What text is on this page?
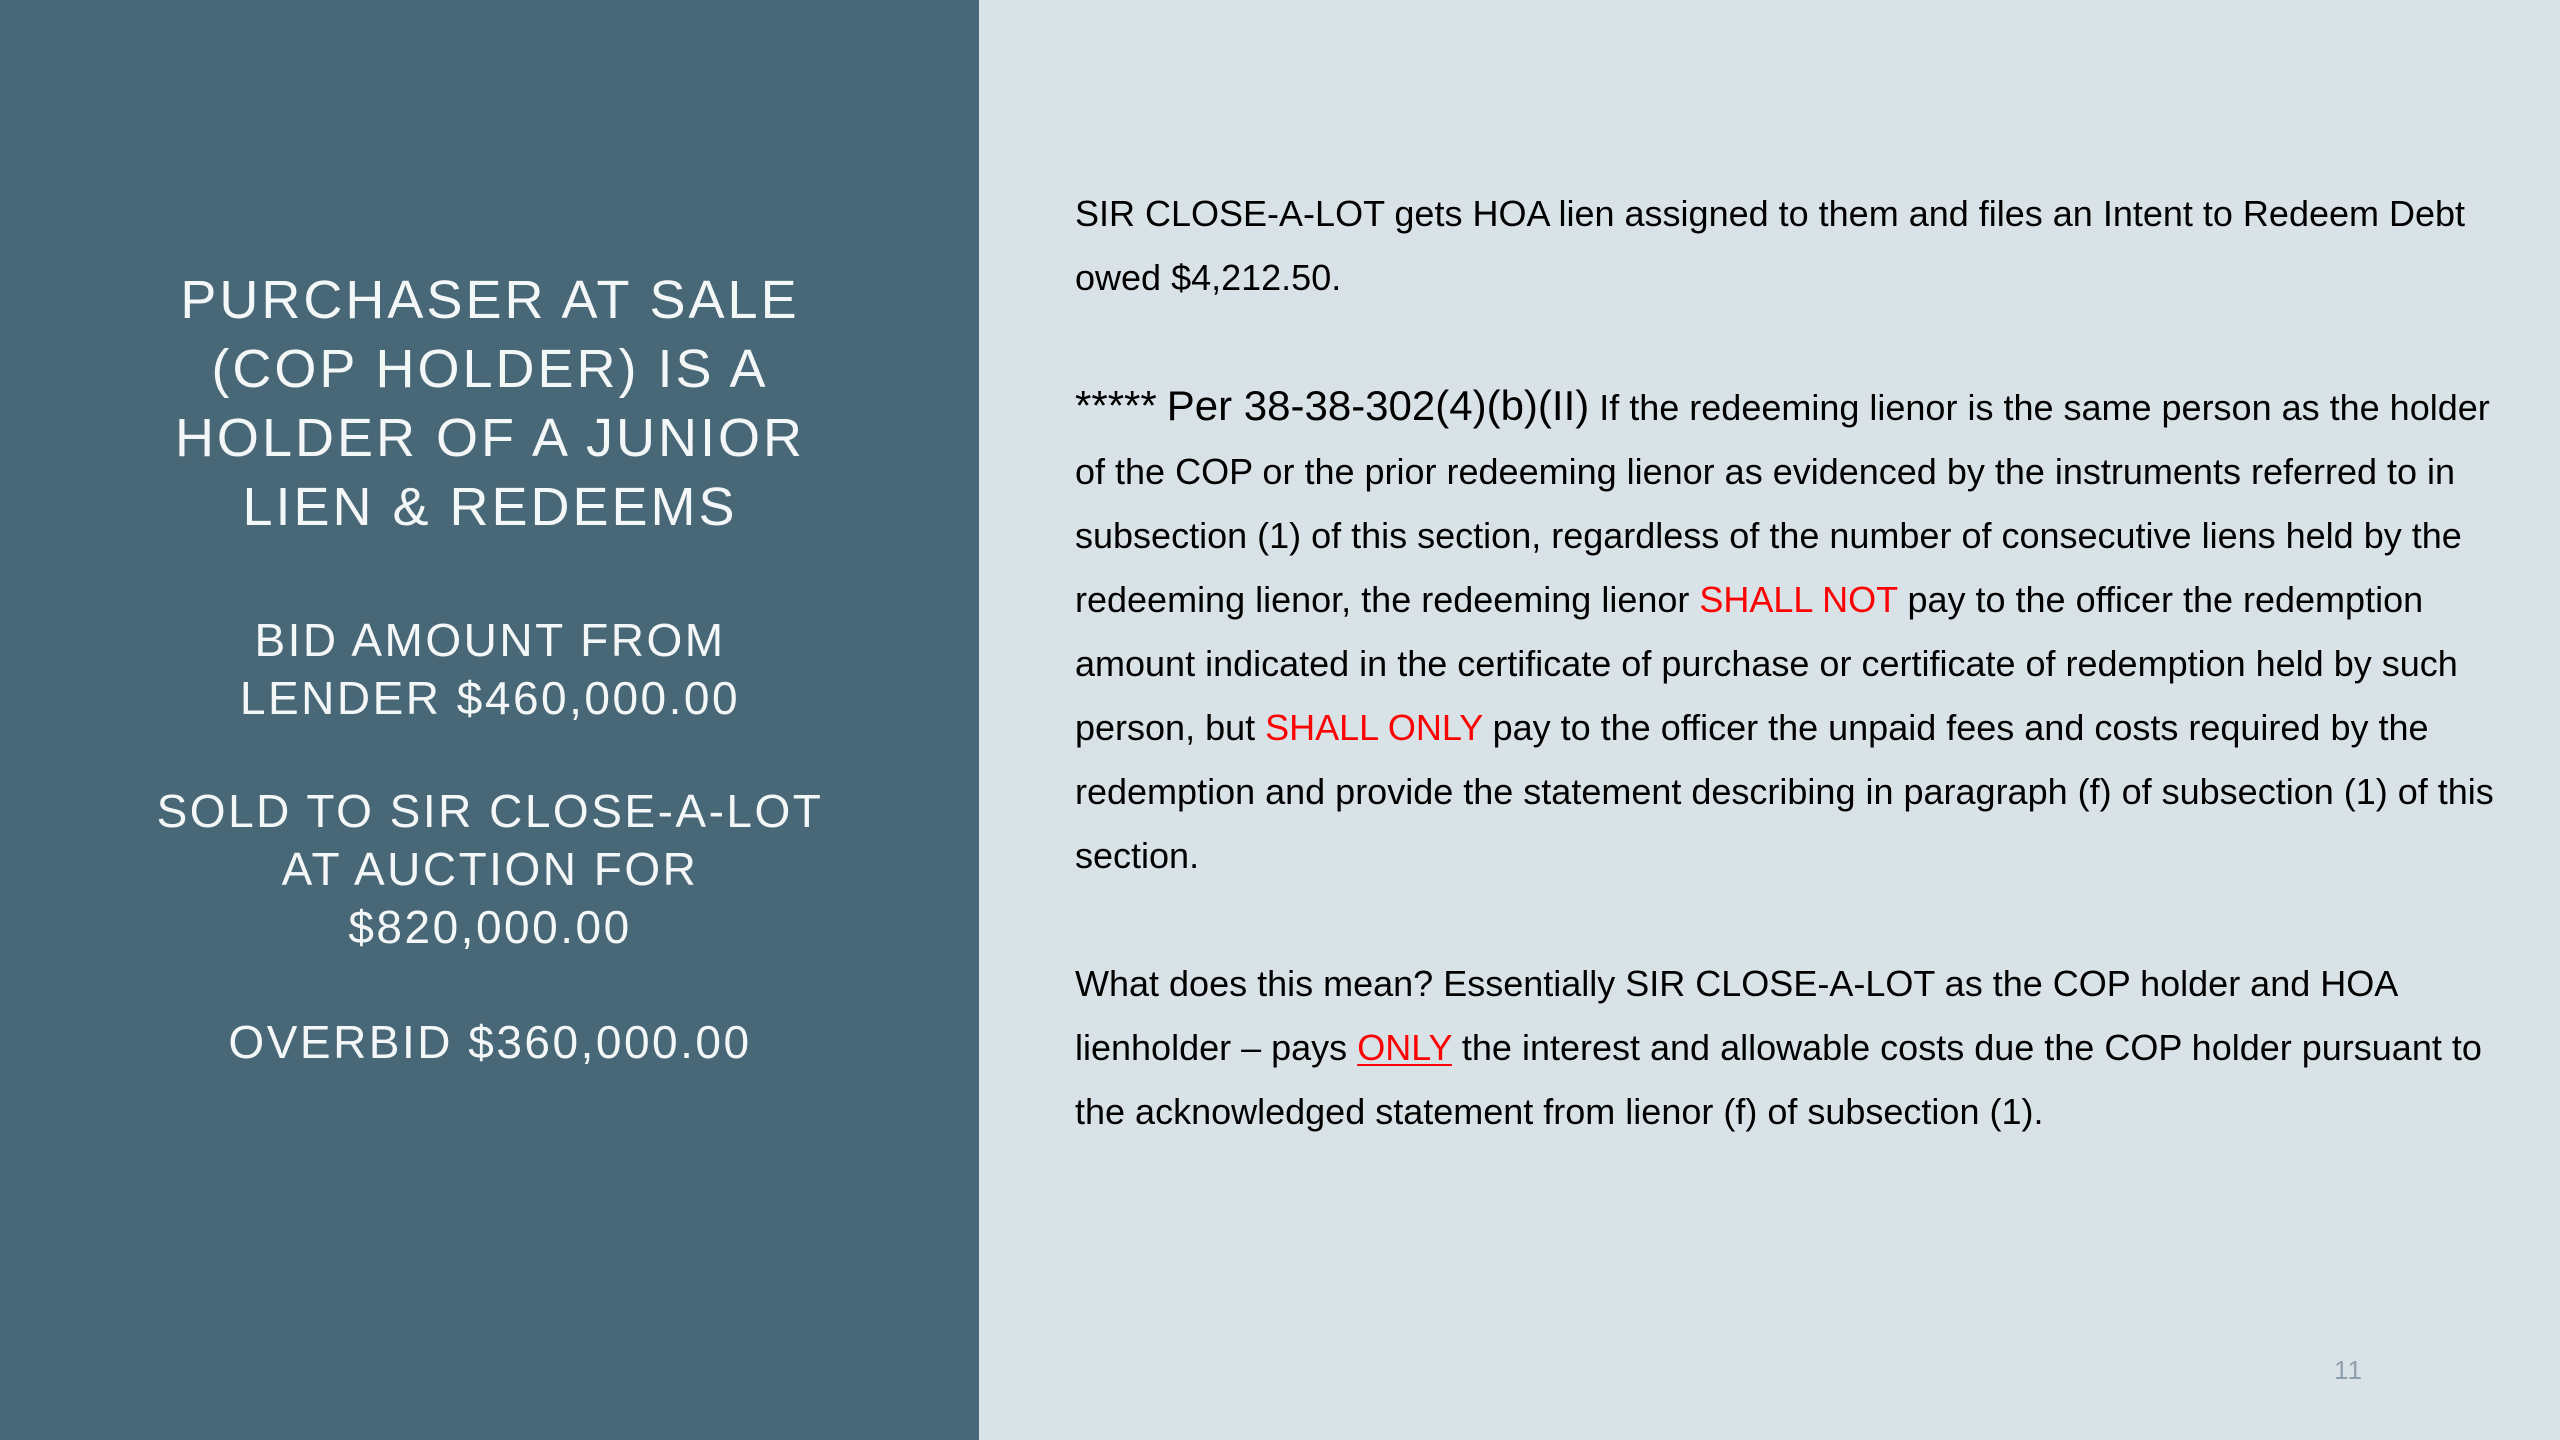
PURCHASER AT SALE
(COP HOLDER) IS A
HOLDER OF A JUNIOR
LIEN & REDEEMS
BID AMOUNT FROM
LENDER $460,000.00
SOLD TO SIR CLOSE-A-LOT
AT AUCTION FOR
$820,000.00
OVERBID $360,000.00

SIR CLOSE-A-LOT gets HOA lien assigned to them and files an Intent to Redeem Debt owed $4,212.50.

***** Per 38-38-302(4)(b)(II) If the redeeming lienor is the same person as the holder of the COP or the prior redeeming lienor as evidenced by the instruments referred to in subsection (1) of this section, regardless of the number of consecutive liens held by the redeeming lienor, the redeeming lienor SHALL NOT pay to the officer the redemption amount indicated in the certificate of purchase or certificate of redemption held by such person, but SHALL ONLY pay to the officer the unpaid fees and costs required by the redemption and provide the statement describing in paragraph (f) of subsection (1) of this section.

What does this mean? Essentially SIR CLOSE-A-LOT as the COP holder and HOA lienholder – pays ONLY the interest and allowable costs due the COP holder pursuant to the acknowledged statement from lienor (f) of subsection (1).

11
